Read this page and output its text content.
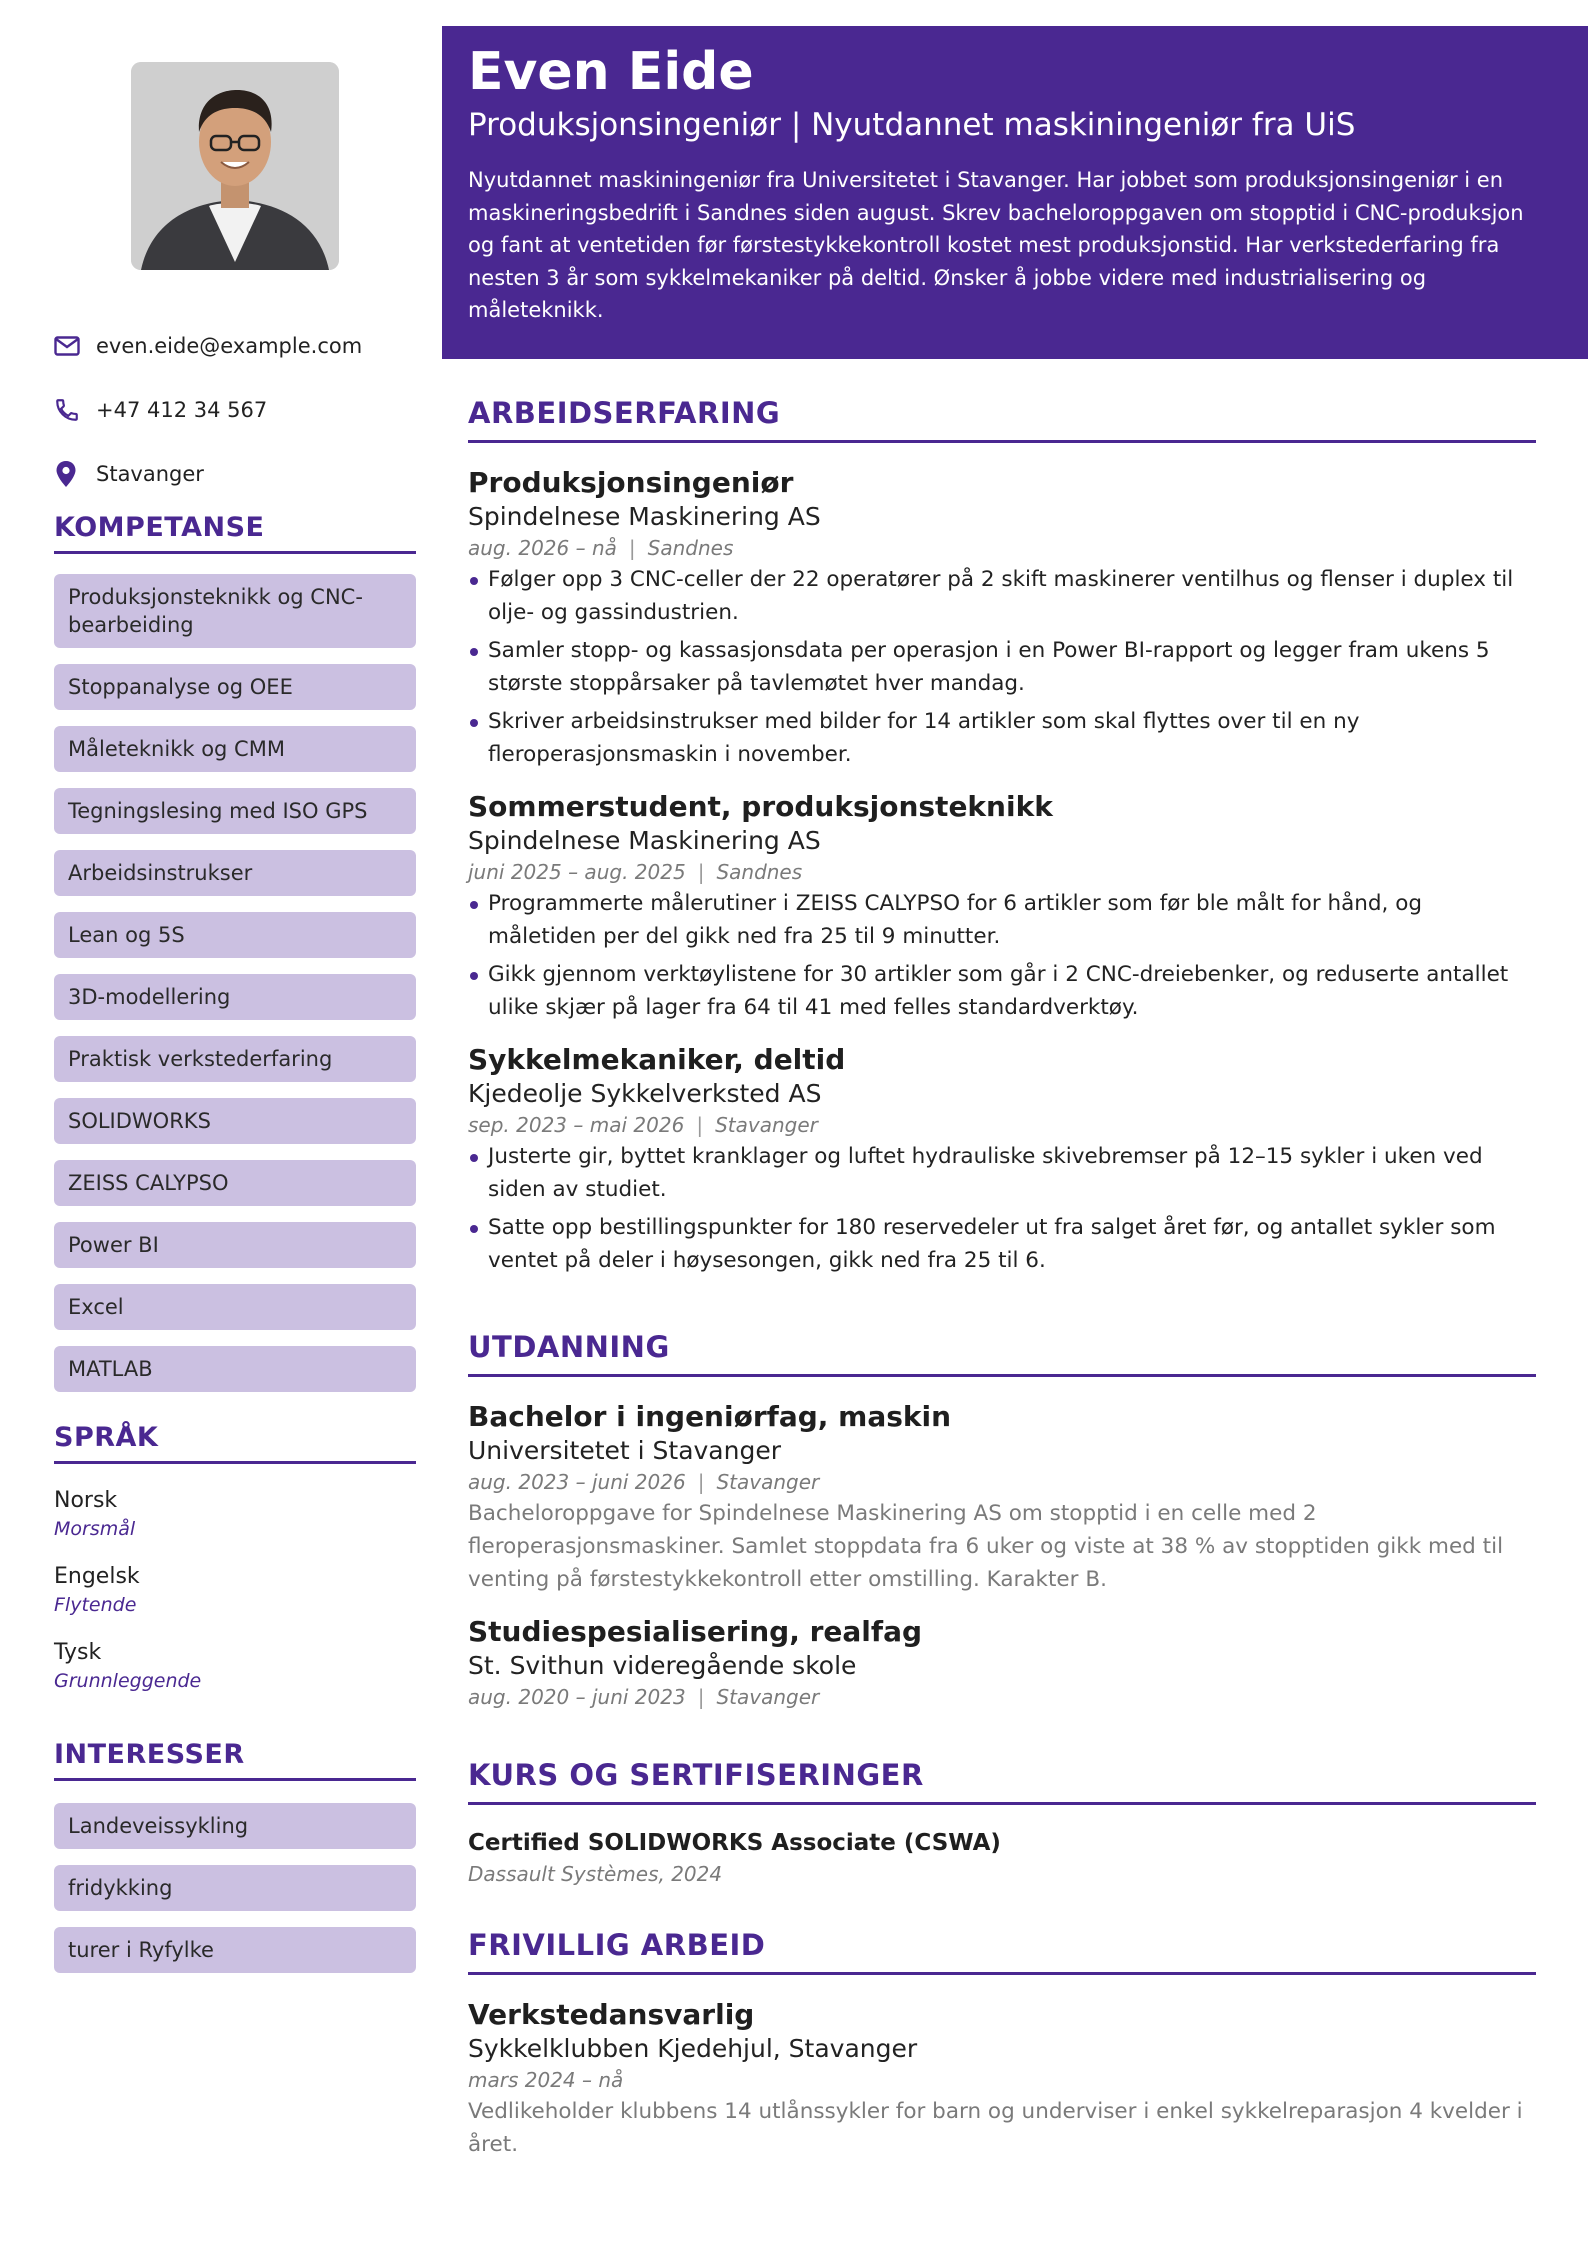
even.eide@example.com
+47 412 34 567
Stavanger
KOMPETANSE
Produksjonsteknikk og CNC-bearbeiding
Stoppanalyse og OEE
Måleteknikk og CMM
Tegningslesing med ISO GPS
Arbeidsinstrukser
Lean og 5S
3D-modellering
Praktisk verkstederfaring
SOLIDWORKS
ZEISS CALYPSO
Power BI
Excel
MATLAB
SPRÅK
Norsk
Morsmål
Engelsk
Flytende
Tysk
Grunnleggende
INTERESSER
Landeveissykling
fridykking
turer i Ryfylke
Even Eide
Produksjonsingeniør | Nyutdannet maskiningeniør fra UiS
Nyutdannet maskiningeniør fra Universitetet i Stavanger. Har jobbet som produksjonsingeniør i en maskineringsbedrift i Sandnes siden august. Skrev bacheloroppgaven om stopptid i CNC-produksjon og fant at ventetiden før førstestykkekontroll kostet mest produksjonstid. Har verkstederfaring fra nesten 3 år som sykkelmekaniker på deltid. Ønsker å jobbe videre med industrialisering og måleteknikk.
ARBEIDSERFARING
Produksjonsingeniør
Spindelnese Maskinering AS
aug. 2026 – nå | Sandnes
Følger opp 3 CNC-celler der 22 operatører på 2 skift maskinerer ventilhus og flenser i duplex til olje- og gassindustrien.
Samler stopp- og kassasjonsdata per operasjon i en Power BI-rapport og legger fram ukens 5 største stoppårsaker på tavlemøtet hver mandag.
Skriver arbeidsinstrukser med bilder for 14 artikler som skal flyttes over til en ny fleroperasjonsmaskin i november.
Sommerstudent, produksjonsteknikk
Spindelnese Maskinering AS
juni 2025 – aug. 2025 | Sandnes
Programmerte målerutiner i ZEISS CALYPSO for 6 artikler som før ble målt for hånd, og måletiden per del gikk ned fra 25 til 9 minutter.
Gikk gjennom verktøylistene for 30 artikler som går i 2 CNC-dreiebenker, og reduserte antallet ulike skjær på lager fra 64 til 41 med felles standardverktøy.
Sykkelmekaniker, deltid
Kjedeolje Sykkelverksted AS
sep. 2023 – mai 2026 | Stavanger
Justerte gir, byttet kranklager og luftet hydrauliske skivebremser på 12–15 sykler i uken ved siden av studiet.
Satte opp bestillingspunkter for 180 reservedeler ut fra salget året før, og antallet sykler som ventet på deler i høysesongen, gikk ned fra 25 til 6.
UTDANNING
Bachelor i ingeniørfag, maskin
Universitetet i Stavanger
aug. 2023 – juni 2026 | Stavanger
Bacheloroppgave for Spindelnese Maskinering AS om stopptid i en celle med 2 fleroperasjonsmaskiner. Samlet stoppdata fra 6 uker og viste at 38 % av stopptiden gikk med til venting på førstestykkekontroll etter omstilling. Karakter B.
Studiespesialisering, realfag
St. Svithun videregående skole
aug. 2020 – juni 2023 | Stavanger
KURS OG SERTIFISERINGER
Certified SOLIDWORKS Associate (CSWA)
Dassault Systèmes, 2024
FRIVILLIG ARBEID
Verkstedansvarlig
Sykkelklubben Kjedehjul, Stavanger
mars 2024 – nå
Vedlikeholder klubbens 14 utlånssykler for barn og underviser i enkel sykkelreparasjon 4 kvelder i året.
